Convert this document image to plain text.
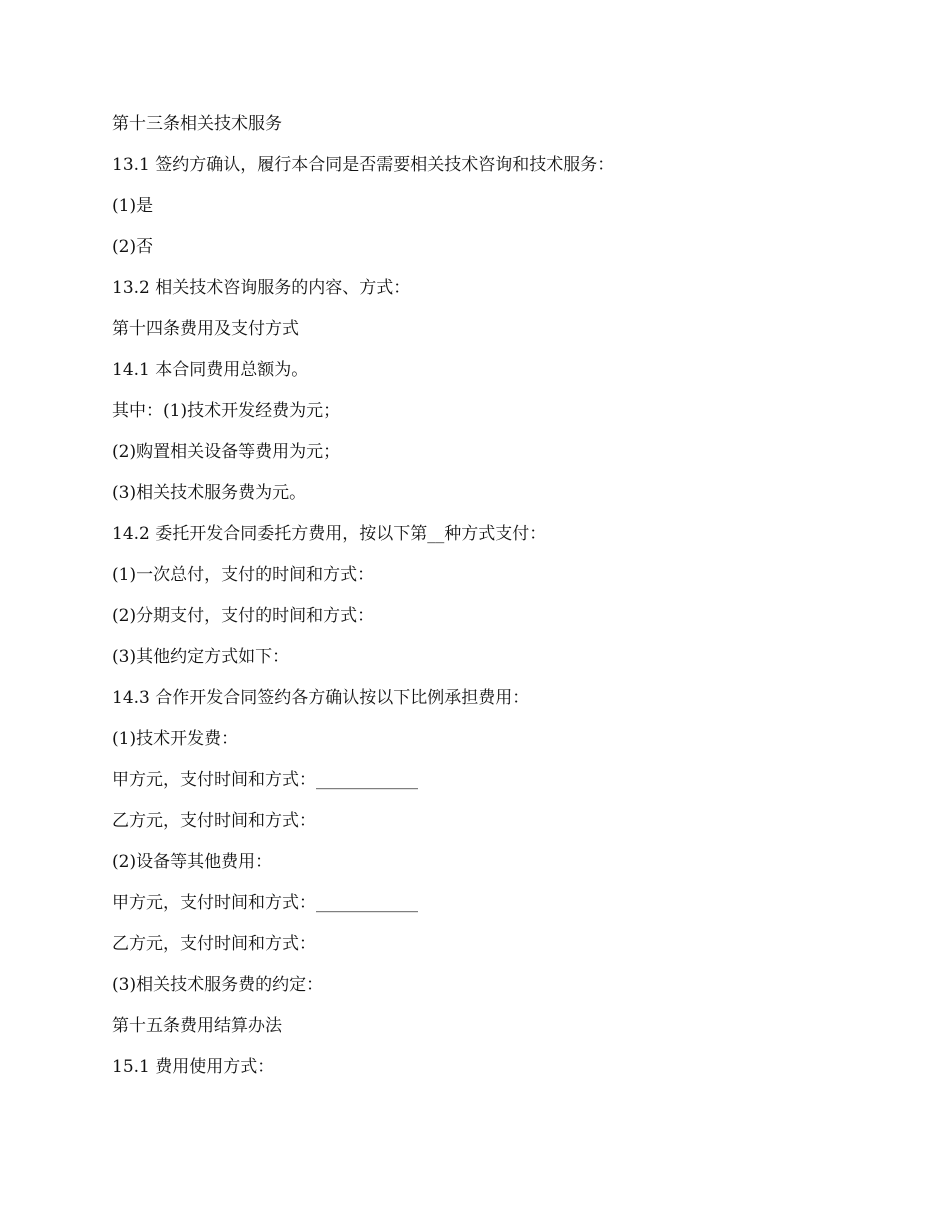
第十三条相关技术服务
13.1 签约方确认，履行本合同是否需要相关技术咨询和技术服务：
(1)是
(2)否
13.2 相关技术咨询服务的内容、方式：
第十四条费用及支付方式
14.1 本合同费用总额为。
其中：(1)技术开发经费为元；
(2)购置相关设备等费用为元；
(3)相关技术服务费为元。
14.2 委托开发合同委托方费用，按以下第__种方式支付：
(1)一次总付，支付的时间和方式：
(2)分期支付，支付的时间和方式：
(3)其他约定方式如下：
14.3 合作开发合同签约各方确认按以下比例承担费用：
(1)技术开发费：
甲方元，支付时间和方式：____________
乙方元，支付时间和方式：
(2)设备等其他费用：
甲方元，支付时间和方式：____________
乙方元，支付时间和方式：
(3)相关技术服务费的约定：
第十五条费用结算办法
15.1 费用使用方式：
